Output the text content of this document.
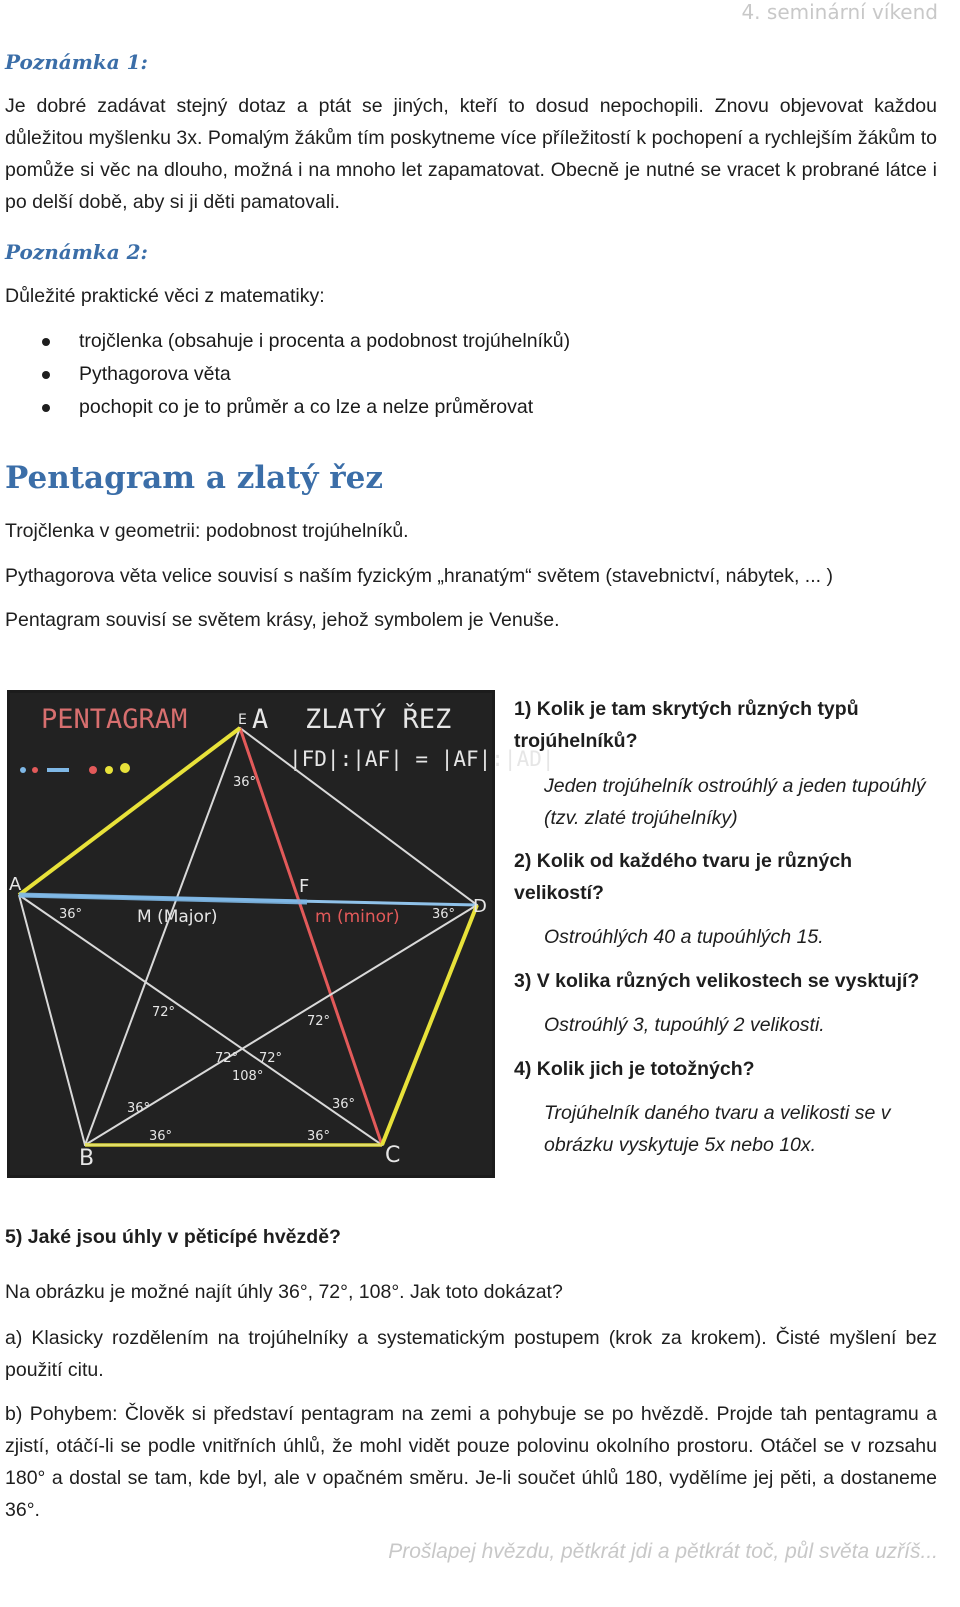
4. seminární víkend
Poznámka 1:
Je dobré zadávat stejný dotaz a ptát se jiných, kteří to dosud nepochopili. Znovu objevovat každou důležitou myšlenku 3x. Pomalým žákům tím poskytneme více příležitostí k pochopení a rychlejším žákům to pomůže si věc na dlouho, možná i na mnoho let zapamatovat. Obecně je nutné se vracet k probrané látce i po delší době, aby si ji děti pamatovali.
Poznámka 2:
Důležité praktické věci z matematiky:
trojčlenka (obsahuje i procenta a podobnost trojúhelníků)
Pythagorova věta
pochopit co je to průměr a co lze a nelze průměrovat
Pentagram a zlatý řez
Trojčlenka v geometrii: podobnost trojúhelníků.
Pythagorova věta velice souvisí s naším fyzickým „hranatým“ světem (stavebnictví, nábytek, ... )
Pentagram souvisí se světem krásy, jehož symbolem je Venuše.
PENTAGRAM A ZLATÝ ŘEZ
|FD|:|AF| = |AF|:|AD|
A
B	C
D
E
F
M (Major)	m (minor)
36°
36°	36°
72°
72°
72° 72°
108°
36°
36°
36°
36°
1) Kolik je tam skrytých různých typů trojúhelníků?
Jeden trojúhelník ostroúhlý a jeden tupoúhlý (tzv. zlaté trojúhelníky)
2) Kolik od každého tvaru je různých velikostí?
Ostroúhlých 40 a tupoúhlých 15.
3) V kolika různých velikostech se vysktují?
Ostroúhlý 3, tupoúhlý 2 velikosti.
4) Kolik jich je totožných?
Trojúhelník daného tvaru a velikosti se v obrázku vyskytuje 5x nebo 10x.
5) Jaké jsou úhly v pěticípé hvězdě?
Na obrázku je možné najít úhly 36°, 72°, 108°. Jak toto dokázat?
a) Klasicky rozdělením na trojúhelníky a systematickým postupem (krok za krokem). Čisté myšlení bez použití citu.
b) Pohybem: Člověk si představí pentagram na zemi a pohybuje se po hvězdě. Projde tah pentagramu a zjistí, otáčí-li se podle vnitřních úhlů, že mohl vidět pouze polovinu okolního prostoru. Otáčel se v rozsahu 180° a dostal se tam, kde byl, ale v opačném směru. Je-li součet úhlů 180, vydělíme jej pěti, a dostaneme 36°.
Prošlapej hvězdu, pětkrát jdi a pětkrát toč, půl světa uzříš...
